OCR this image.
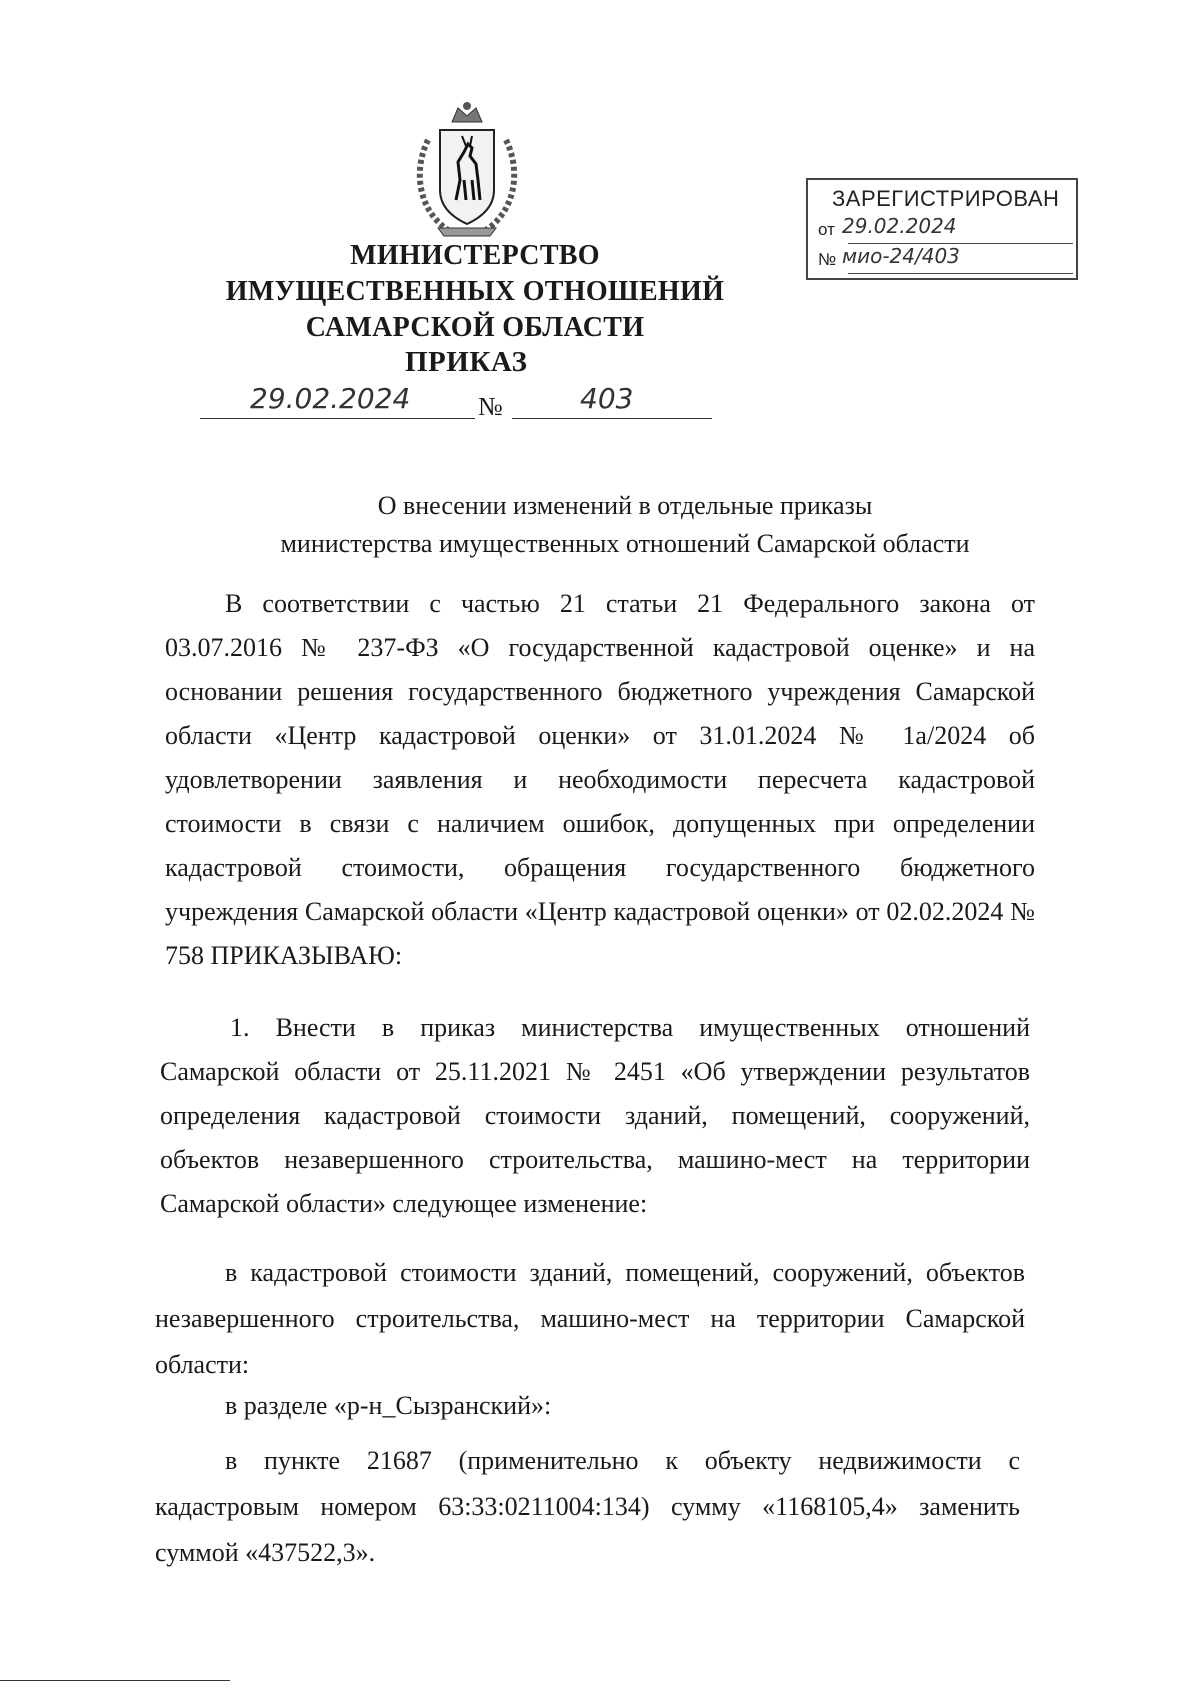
ЗАРЕГИСТРИРОВАН
от 29.02.2024
№ мио-24/403
МИНИСТЕРСТВО
ИМУЩЕСТВЕННЫХ ОТНОШЕНИЙ
САМАРСКОЙ ОБЛАСТИ
ПРИКАЗ
29.02.2024	№	403
О внесении изменений в отдельные приказы
министерства имущественных отношений Самарской области
В соответствии с частью 21 статьи 21 Федерального закона от 03.07.2016 № 237-ФЗ «О государственной кадастровой оценке» и на основании решения государственного бюджетного учреждения Самарской области «Центр кадастровой оценки» от 31.01.2024 № 1а/2024 об удовлетворении заявления и необходимости пересчета кадастровой стоимости в связи с наличием ошибок, допущенных при определении кадастровой стоимости, обращения государственного бюджетного учреждения Самарской области «Центр кадастровой оценки» от 02.02.2024 № 758 ПРИКАЗЫВАЮ:
1. Внести в приказ министерства имущественных отношений Самарской области от 25.11.2021 № 2451 «Об утверждении результатов определения кадастровой стоимости зданий, помещений, сооружений, объектов незавершенного строительства, машино-мест на территории Самарской области» следующее изменение:
в кадастровой стоимости зданий, помещений, сооружений, объектов незавершенного строительства, машино-мест на территории Самарской области:
в разделе «р-н_Сызранский»:
в пункте 21687 (применительно к объекту недвижимости с кадастровым номером 63:33:0211004:134) сумму «1168105,4» заменить суммой «437522,3».
